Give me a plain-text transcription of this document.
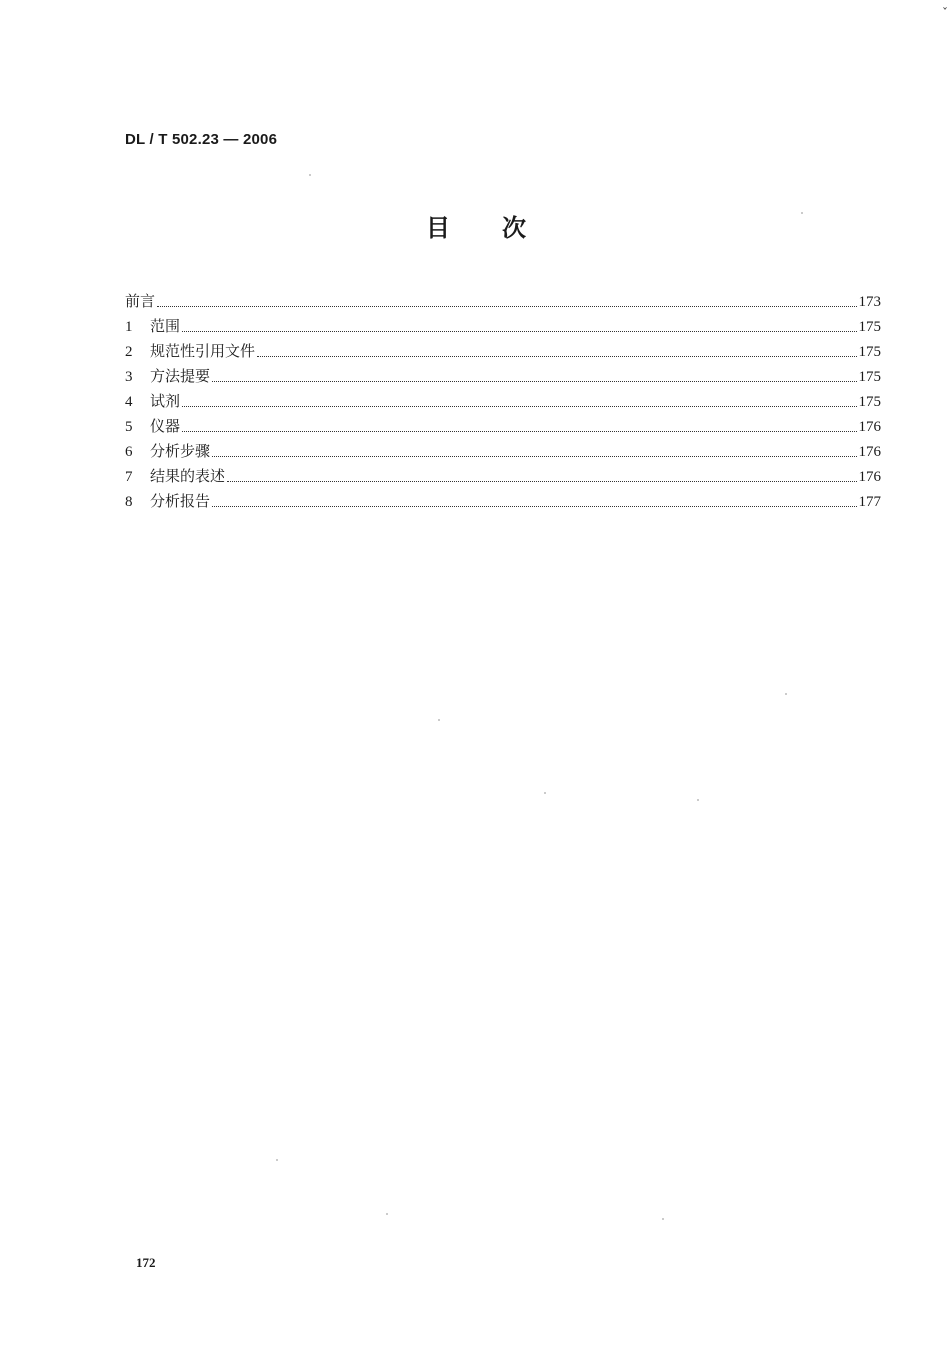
ˇ
DL / T 502.23 — 2006
目次
前言	173
1	范围	175
2	规范性引用文件	175
3	方法提要	175
4	试剂	175
5	仪器	176
6	分析步骤	176
7	结果的表述	176
8	分析报告	177
172
